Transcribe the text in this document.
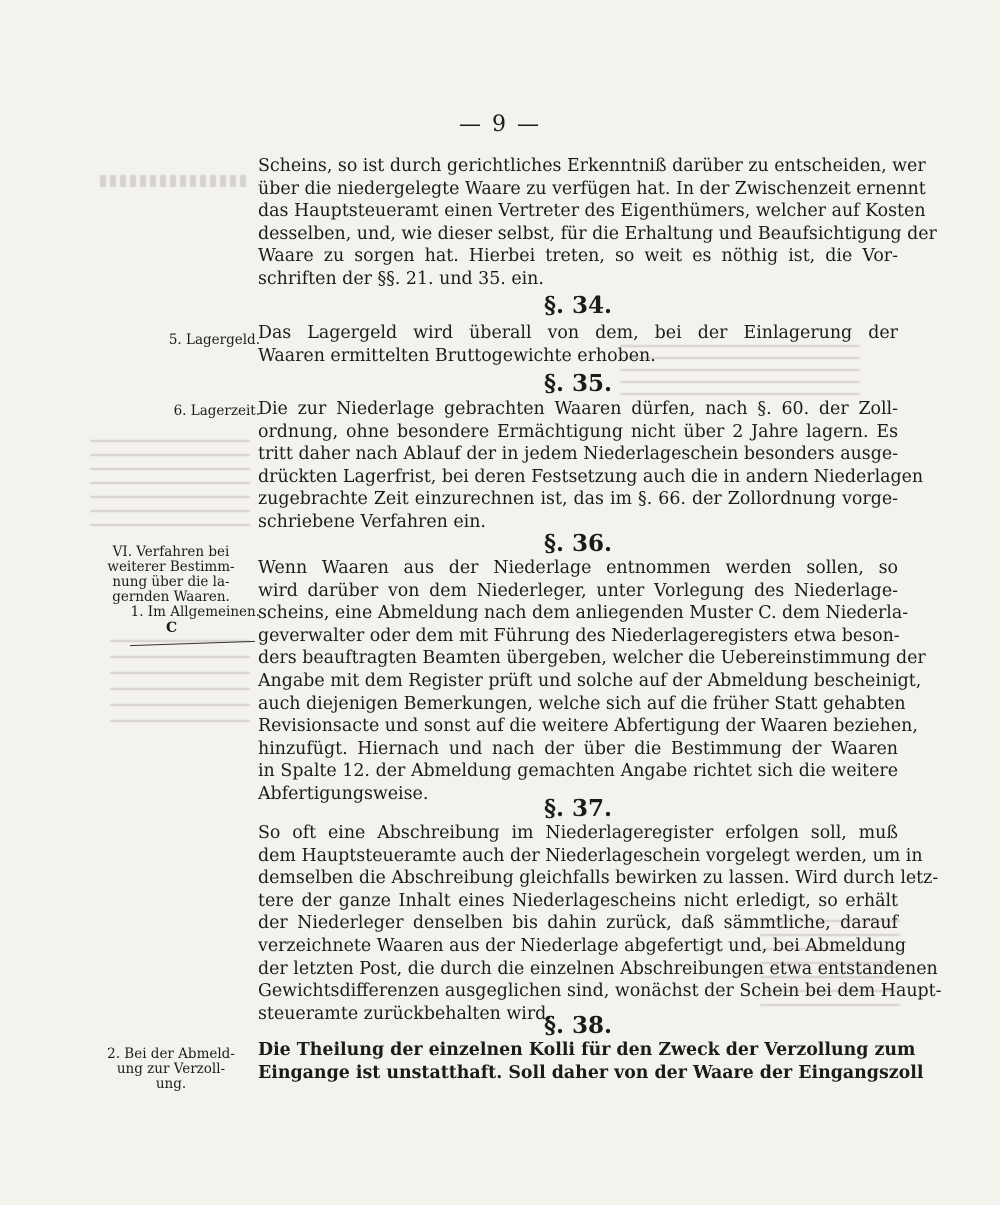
— 9 —
5. Lagergeld.
6. Lagerzeit.
VI. Verfahren bei
weiterer Bestimm-
nung über die la-
gernden Waaren.
1. Im Allgemeinen.
C
2. Bei der Abmeld-
ung zur Verzoll-
ung.
Scheins, so ist durch gerichtliches Erkenntniß darüber zu entscheiden, wer
über die niedergelegte Waare zu verfügen hat. In der Zwischenzeit ernennt
das Hauptsteueramt einen Vertreter des Eigenthümers, welcher auf Kosten
desselben, und, wie dieser selbst, für die Erhaltung und Beaufsichtigung der
Waare zu sorgen hat. Hierbei treten, so weit es nöthig ist, die Vor-
schriften der §§. 21. und 35. ein.
§. 34.
Das Lagergeld wird überall von dem, bei der Einlagerung der
Waaren ermittelten Bruttogewichte erhoben.
§. 35.
Die zur Niederlage gebrachten Waaren dürfen, nach §. 60. der Zoll-
ordnung, ohne besondere Ermächtigung nicht über 2 Jahre lagern. Es
tritt daher nach Ablauf der in jedem Niederlageschein besonders ausge-
drückten Lagerfrist, bei deren Festsetzung auch die in andern Niederlagen
zugebrachte Zeit einzurechnen ist, das im §. 66. der Zollordnung vorge-
schriebene Verfahren ein.
§. 36.
Wenn Waaren aus der Niederlage entnommen werden sollen, so
wird darüber von dem Niederleger, unter Vorlegung des Niederlage-
scheins, eine Abmeldung nach dem anliegenden Muster C. dem Niederla-
geverwalter oder dem mit Führung des Niederlageregisters etwa beson-
ders beauftragten Beamten übergeben, welcher die Uebereinstimmung der
Angabe mit dem Register prüft und solche auf der Abmeldung bescheinigt,
auch diejenigen Bemerkungen, welche sich auf die früher Statt gehabten
Revisionsacte und sonst auf die weitere Abfertigung der Waaren beziehen,
hinzufügt. Hiernach und nach der über die Bestimmung der Waaren
in Spalte 12. der Abmeldung gemachten Angabe richtet sich die weitere
Abfertigungsweise.
§. 37.
So oft eine Abschreibung im Niederlageregister erfolgen soll, muß
dem Hauptsteueramte auch der Niederlageschein vorgelegt werden, um in
demselben die Abschreibung gleichfalls bewirken zu lassen. Wird durch letz-
tere der ganze Inhalt eines Niederlagescheins nicht erledigt, so erhält
der Niederleger denselben bis dahin zurück, daß sämmtliche, darauf
verzeichnete Waaren aus der Niederlage abgefertigt und, bei Abmeldung
der letzten Post, die durch die einzelnen Abschreibungen etwa entstandenen
Gewichtsdifferenzen ausgeglichen sind, wonächst der Schein bei dem Haupt-
steueramte zurückbehalten wird.
§. 38.
Die Theilung der einzelnen Kolli für den Zweck der Verzollung zum
Eingange ist unstatthaft. Soll daher von der Waare der Eingangszoll
